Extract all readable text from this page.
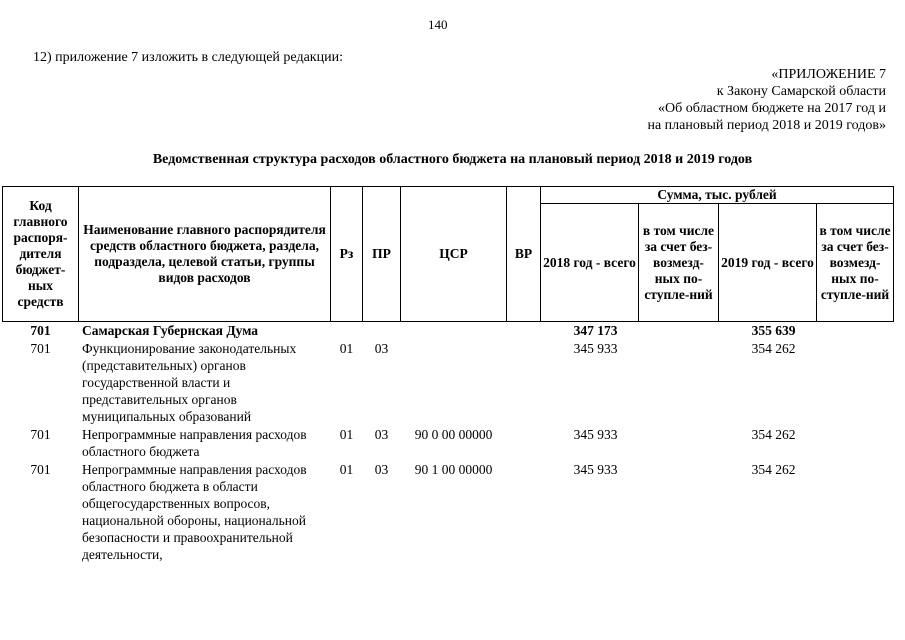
140
12) приложение 7 изложить в следующей редакции:
«ПРИЛОЖЕНИЕ 7
к Закону Самарской области
«Об областном бюджете на 2017 год и
на плановый период 2018 и 2019 годов»
Ведомственная структура расходов областного бюджета на плановый период 2018 и 2019 годов
Код главного распоря-дителя бюджет-ных средств	Наименование главного распорядителя средств областного бюджета, раздела, подраздела, целевой статьи, группы видов расходов	Рз	ПР	ЦСР	ВР	Сумма, тыс. рублей			
						2018 год - всего	в том числе за счет без-возмезд-ных по-ступле-ний	2019 год - всего	в том числе за счет без-возмезд-ных по-ступле-ний
701	Самарская Губернская Дума					347 173		355 639	
701	Функционирование законодательных (представительных) органов государственной власти и представительных органов муниципальных образований	01	03			345 933		354 262	
701	Непрограммные направления расходов областного бюджета	01	03	90 0 00 00000		345 933		354 262	
701	Непрограммные направления расходов областного бюджета в области общегосударственных вопросов, национальной обороны, национальной безопасности и правоохранительной деятельности,	01	03	90 1 00 00000		345 933		354 262	
